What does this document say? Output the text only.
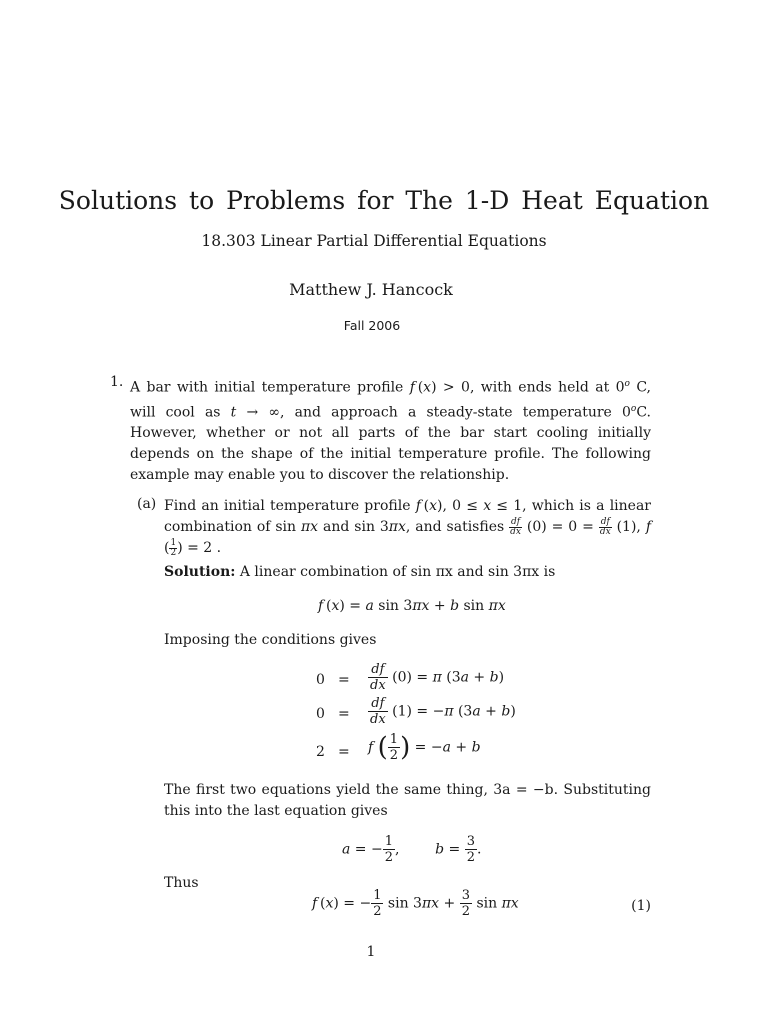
Solutions to Problems for The 1-D Heat Equation
18.303 Linear Partial Differential Equations
Matthew J. Hancock
Fall 2006
1. A bar with initial temperature profile f (x) > 0, with ends held at 0$^o$ C, will cool as t → ∞, and approach a steady-state temperature 0$^o$C. However, whether or not all parts of the bar start cooling initially depends on the shape of the initial temperature profile. The following example may enable you to discover the relationship.
(a) Find an initial temperature profile f (x), 0 ≤ x ≤ 1, which is a linear combination of sin πx and sin 3πx, and satisfies $\frac{df}{dx} (0) = 0 = \frac{df}{dx} (1)$, f ( $\frac{1}{2}$ ) = 2 .
Solution: A linear combination of sin πx and sin 3πx is
f (x) = a sin 3πx + b sin πx
Imposing the conditions gives
$0 = \frac{df}{dx} (0) = \pi$ (3a + b)
$0 = \frac{df}{dx} (1) = -\pi$ (3a + b)
2 = f ( $\frac{1}{2}$ ) = −a + b
The first two equations yield the same thing, 3a = −b. Substituting this into the last equation gives
a = − $\frac{1}{2}$ ,        $b = \frac{3}{2}$ .
Thus
f (x) = − $\frac{1}{2}$ $\sin 3\pi x + \frac{3}{2}$ sin πx	(1)
1
